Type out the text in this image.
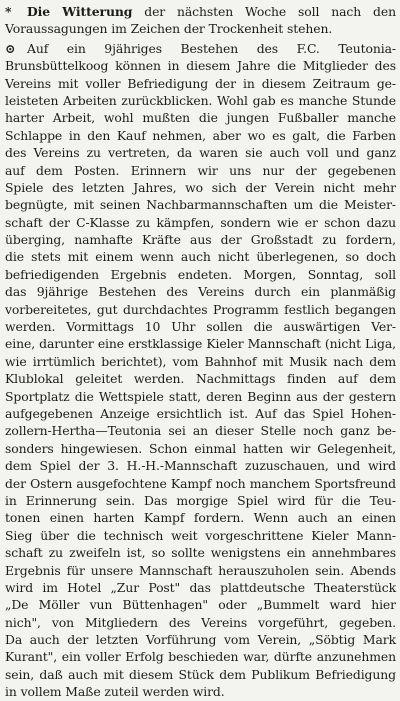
* Die Witterung der nächsten Woche soll nach den
Voraussagungen im Zeichen der Trockenheit stehen.
⊙ Auf ein 9jähriges Bestehen des F.C. Teutonia-
Brunsbüttelkoog können in diesem Jahre die Mitglieder des
Vereins mit voller Befriedigung der in diesem Zeitraum ge-
leisteten Arbeiten zurückblicken. Wohl gab es manche Stunde
harter Arbeit, wohl mußten die jungen Fußballer manche
Schlappe in den Kauf nehmen, aber wo es galt, die Farben
des Vereins zu vertreten, da waren sie auch voll und ganz
auf dem Posten. Erinnern wir uns nur der gegebenen
Spiele des letzten Jahres, wo sich der Verein nicht mehr
begnügte, mit seinen Nachbarmannschaften um die Meister-
schaft der C-Klasse zu kämpfen, sondern wie er schon dazu
überging, namhafte Kräfte aus der Großstadt zu fordern,
die stets mit einem wenn auch nicht überlegenen, so doch
befriedigenden Ergebnis endeten. Morgen, Sonntag, soll
das 9jährige Bestehen des Vereins durch ein planmäßig
vorbereitetes, gut durchdachtes Programm festlich begangen
werden. Vormittags 10 Uhr sollen die auswärtigen Ver-
eine, darunter eine erstklassige Kieler Mannschaft (nicht Liga,
wie irrtümlich berichtet), vom Bahnhof mit Musik nach dem
Klublokal geleitet werden. Nachmittags finden auf dem
Sportplatz die Wettspiele statt, deren Beginn aus der gestern
aufgegebenen Anzeige ersichtlich ist. Auf das Spiel Hohen-
zollern-Hertha—Teutonia sei an dieser Stelle noch ganz be-
sonders hingewiesen. Schon einmal hatten wir Gelegenheit,
dem Spiel der 3. H.-H.-Mannschaft zuzuschauen, und wird
der Ostern ausgefochtene Kampf noch manchem Sportsfreund
in Erinnerung sein. Das morgige Spiel wird für die Teu-
tonen einen harten Kampf fordern. Wenn auch an einen
Sieg über die technisch weit vorgeschrittene Kieler Mann-
schaft zu zweifeln ist, so sollte wenigstens ein annehmbares
Ergebnis für unsere Mannschaft herauszuholen sein. Abends
wird im Hotel „Zur Post" das plattdeutsche Theaterstück
„De Möller vun Büttenhagen" oder „Bummelt ward hier
nich", von Mitgliedern des Vereins vorgeführt, gegeben.
Da auch der letzten Vorführung vom Verein, „Söbtig Mark
Kurant", ein voller Erfolg beschieden war, dürfte anzunehmen
sein, daß auch mit diesem Stück dem Publikum Befriedigung
in vollem Maße zuteil werden wird.
